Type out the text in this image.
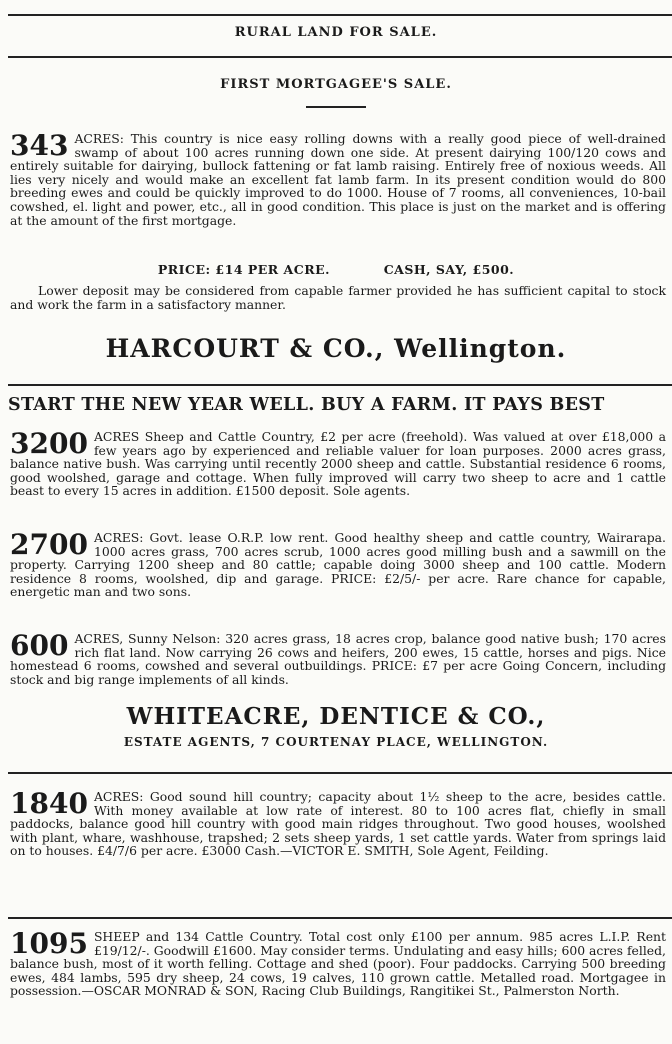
RURAL LAND FOR SALE.
FIRST MORTGAGEE'S SALE.
343 ACRES: This country is nice easy rolling downs with a really good piece of well-drained swamp of about 100 acres running down one side. At present dairying 100/120 cows and entirely suitable for dairying, bullock fattening or fat lamb raising. Entirely free of noxious weeds. All lies very nicely and would make an excellent fat lamb farm. In its present condition would do 800 breeding ewes and could be quickly improved to do 1000. House of 7 rooms, all conveniences, 10-bail cowshed, el. light and power, etc., all in good condition. This place is just on the market and is offering at the amount of the first mortgage.
PRICE: £14 PER ACRE.	CASH, SAY, £500.
Lower deposit may be considered from capable farmer provided he has sufficient capital to stock and work the farm in a satisfactory manner.
HARCOURT & CO., Wellington.
START THE NEW YEAR WELL. BUY A FARM. IT PAYS BEST
3200 ACRES Sheep and Cattle Country, £2 per acre (freehold). Was valued at over £18,000 a few years ago by experienced and reliable valuer for loan purposes. 2000 acres grass, balance native bush. Was carrying until recently 2000 sheep and cattle. Substantial residence 6 rooms, good woolshed, garage and cottage. When fully improved will carry two sheep to acre and 1 cattle beast to every 15 acres in addition. £1500 deposit. Sole agents.
2700 ACRES: Govt. lease O.R.P. low rent. Good healthy sheep and cattle country, Wairarapa. 1000 acres grass, 700 acres scrub, 1000 acres good milling bush and a sawmill on the property. Carrying 1200 sheep and 80 cattle; capable doing 3000 sheep and 100 cattle. Modern residence 8 rooms, woolshed, dip and garage. PRICE: £2/5/- per acre. Rare chance for capable, energetic man and two sons.
600 ACRES, Sunny Nelson: 320 acres grass, 18 acres crop, balance good native bush; 170 acres rich flat land. Now carrying 26 cows and heifers, 200 ewes, 15 cattle, horses and pigs. Nice homestead 6 rooms, cowshed and several outbuildings. PRICE: £7 per acre Going Concern, including stock and big range implements of all kinds.
WHITEACRE, DENTICE & CO.,
ESTATE AGENTS, 7 COURTENAY PLACE, WELLINGTON.
1840 ACRES: Good sound hill country; capacity about 1½ sheep to the acre, besides cattle. With money available at low rate of interest. 80 to 100 acres flat, chiefly in small paddocks, balance good hill country with good main ridges throughout. Two good houses, woolshed with plant, whare, washhouse, trapshed; 2 sets sheep yards, 1 set cattle yards. Water from springs laid on to houses. £4/7/6 per acre. £3000 Cash.—VICTOR E. SMITH, Sole Agent, Feilding.
1095 SHEEP and 134 Cattle Country. Total cost only £100 per annum. 985 acres L.I.P. Rent £19/12/-. Goodwill £1600. May consider terms. Undulating and easy hills; 600 acres felled, balance bush, most of it worth felling. Cottage and shed (poor). Four paddocks. Carrying 500 breeding ewes, 484 lambs, 595 dry sheep, 24 cows, 19 calves, 110 grown cattle. Metalled road. Mortgagee in possession.—OSCAR MONRAD & SON, Racing Club Buildings, Rangitikei St., Palmerston North.
